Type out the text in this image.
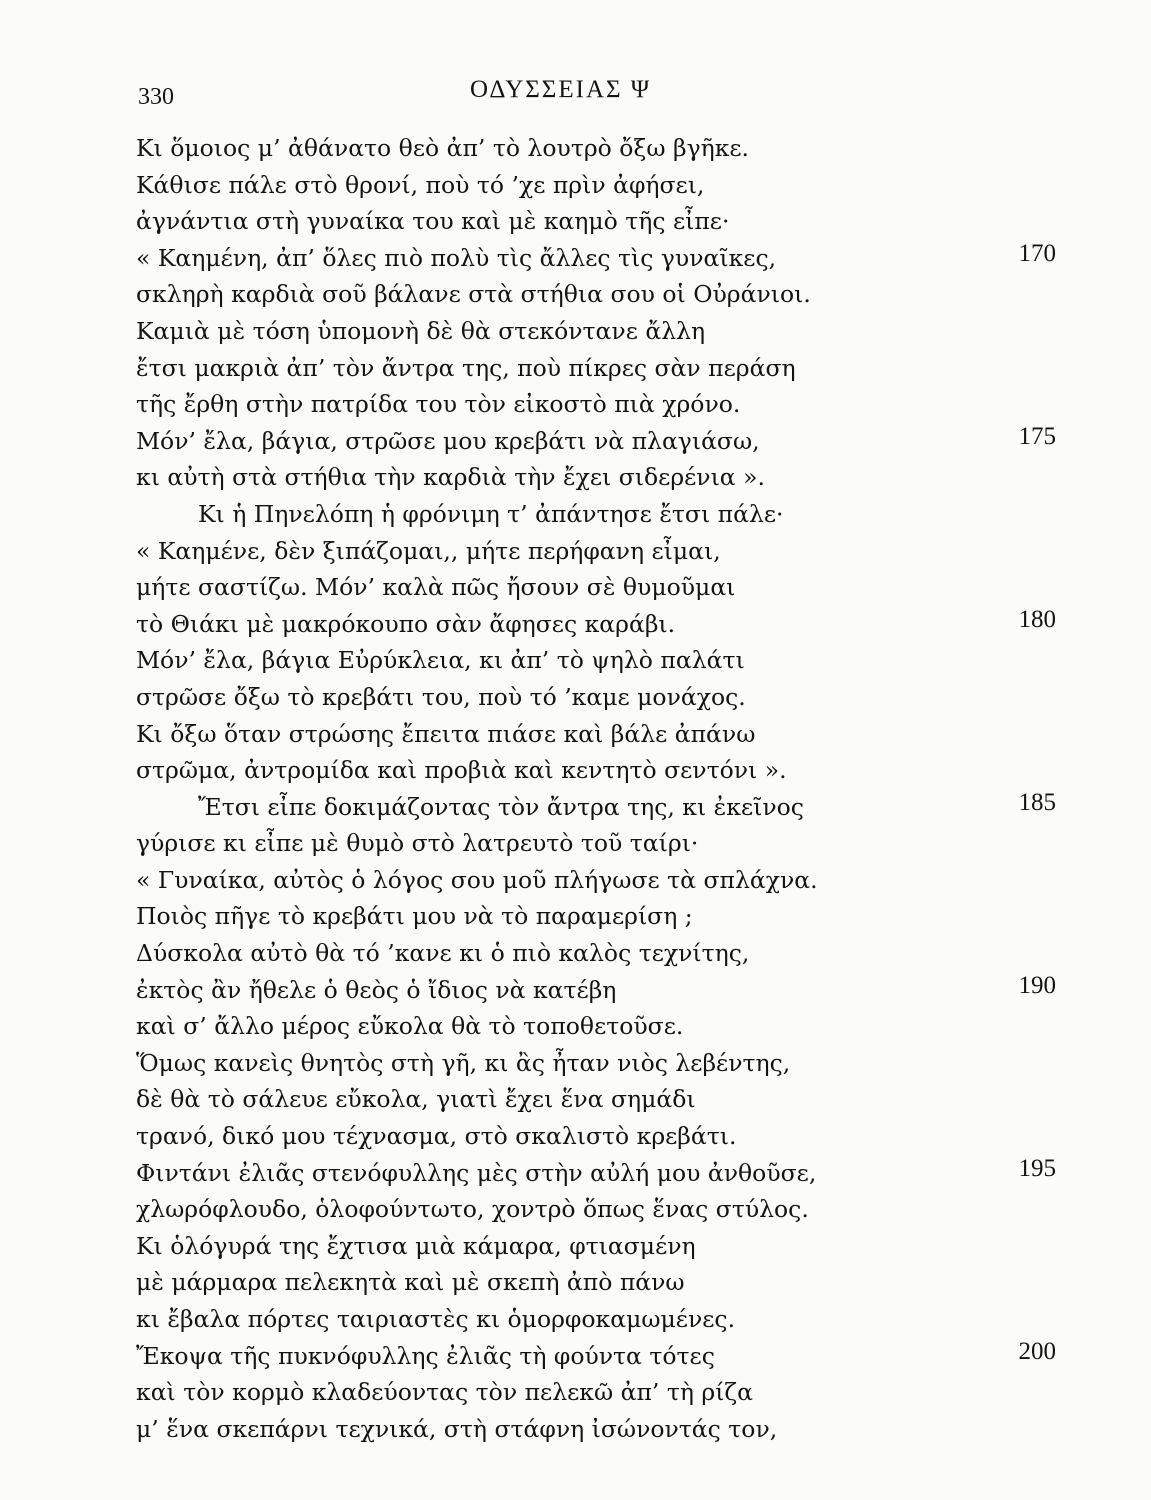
330	ΟΔΥΣΣΕΙΑΣ Ψ
Κι ὅμοιος μ’ ἀθάνατο θεὸ ἀπ’ τὸ λουτρὸ ὄξω βγῆκε.
Κάθισε πάλε στὸ θρονί, ποὺ τό ’χε πρὶν ἀφήσει,
ἀγνάντια στὴ γυναίκα του καὶ μὲ καημὸ τῆς εἶπε·
« Καημένη, ἀπ’ ὅλες πιὸ πολὺ τὶς ἄλλες τὶς γυναῖκες,	170
σκληρὴ καρδιὰ σοῦ βάλανε στὰ στήθια σου οἱ Οὐράνιοι.
Καμιὰ μὲ τόση ὑπομονὴ δὲ θὰ στεκόντανε ἄλλη
ἔτσι μακριὰ ἀπ’ τὸν ἄντρα της, ποὺ πίκρες σὰν περάση
τῆς ἔρθη στὴν πατρίδα του τὸν εἰκοστὸ πιὰ χρόνο.
Μόν’ ἔλα, βάγια, στρῶσε μου κρεβάτι νὰ πλαγιάσω,	175
κι αὐτὴ στὰ στήθια τὴν καρδιὰ τὴν ἔχει σιδερένια ».
Κι ἡ Πηνελόπη ἡ φρόνιμη τ’ ἀπάντησε ἔτσι πάλε·
« Καημένε, δὲν ξιπάζομαι,, μήτε περήφανη εἶμαι,
μήτε σαστίζω. Μόν’ καλὰ πῶς ἤσουν σὲ θυμοῦμαι
τὸ Θιάκι μὲ μακρόκουπο σὰν ἄφησες καράβι.	180
Μόν’ ἔλα, βάγια Εὐρύκλεια, κι ἀπ’ τὸ ψηλὸ παλάτι
στρῶσε ὄξω τὸ κρεβάτι του, ποὺ τό ’καμε μονάχος.
Κι ὄξω ὅταν στρώσης ἔπειτα πιάσε καὶ βάλε ἀπάνω
στρῶμα, ἀντρομίδα καὶ προβιὰ καὶ κεντητὸ σεντόνι ».
Ἔτσι εἶπε δοκιμάζοντας τὸν ἄντρα της, κι ἐκεῖνος	185
γύρισε κι εἶπε μὲ θυμὸ στὸ λατρευτὸ τοῦ ταίρι·
« Γυναίκα, αὐτὸς ὁ λόγος σου μοῦ πλήγωσε τὰ σπλάχνα.
Ποιὸς πῆγε τὸ κρεβάτι μου νὰ τὸ παραμερίση ;
Δύσκολα αὐτὸ θὰ τό ’κανε κι ὁ πιὸ καλὸς τεχνίτης,
ἐκτὸς ἂν ἤθελε ὁ θεὸς ὁ ἴδιος νὰ κατέβη	190
καὶ σ’ ἄλλο μέρος εὔκολα θὰ τὸ τοποθετοῦσε.
Ὅμως κανεὶς θνητὸς στὴ γῆ, κι ἂς ἦταν νιὸς λεβέντης,
δὲ θὰ τὸ σάλευε εὔκολα, γιατὶ ἔχει ἕνα σημάδι
τρανό, δικό μου τέχνασμα, στὸ σκαλιστὸ κρεβάτι.
Φιντάνι ἐλιᾶς στενόφυλλης μὲς στὴν αὐλή μου ἀνθοῦσε,	195
χλωρόφλουδο, ὁλοφούντωτο, χοντρὸ ὅπως ἕνας στύλος.
Κι ὁλόγυρά της ἔχτισα μιὰ κάμαρα, φτιασμένη
μὲ μάρμαρα πελεκητὰ καὶ μὲ σκεπὴ ἀπὸ πάνω
κι ἔβαλα πόρτες ταιριαστὲς κι ὁμορφοκαμωμένες.
Ἔκοψα τῆς πυκνόφυλλης ἐλιᾶς τὴ φούντα τότες	200
καὶ τὸν κορμὸ κλαδεύοντας τὸν πελεκῶ ἀπ’ τὴ ρίζα
μ’ ἕνα σκεπάρνι τεχνικά, στὴ στάφνη ἰσώνοντάς τον,
